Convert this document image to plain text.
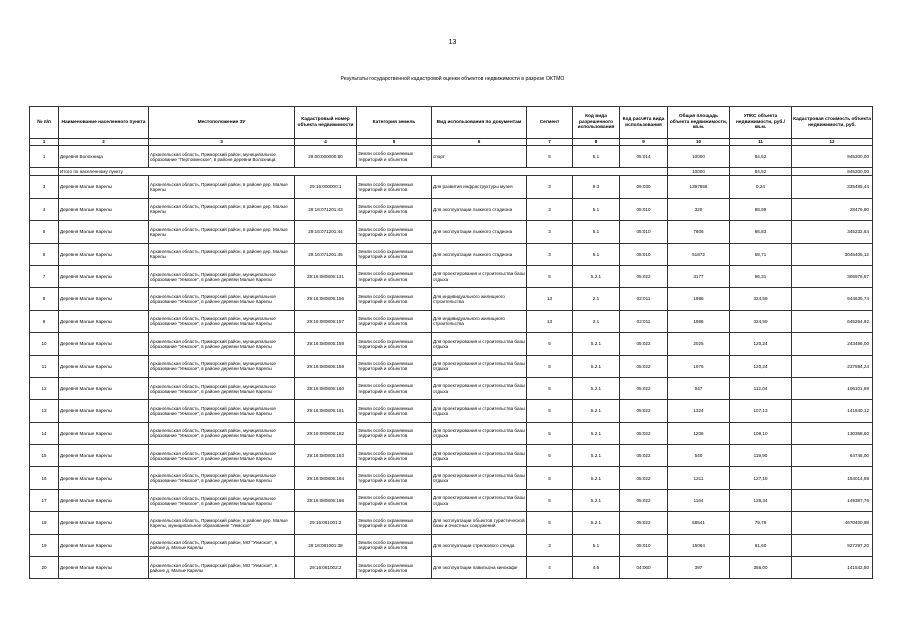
13
Результаты государственной кадастровой оценки объектов недвижимости в разрезе ОКТМО
№ п/п	Наименование населенного пункта	Местоположение ЗУ	Кадастровый номер объекта недвижимости	Категория земель	Вид использования по документам	Сегмент	Код вида разрешенного использования	Код расчёта вида использования	Общая площадь объекта недвижимости, кв.м.	УПКС объекта недвижимости, руб./кв.м.	Кадастровая стоимость объекта недвижимости, руб.
1	2	3	4	5	6	7	8	9	10	11	12
1	Деревня Волохница	Архангельская область, Приморский район, муниципальное образование "Пертоминское", в районе деревни Волохница	29:00:000000:80	Земли особо охраняемых территорий и объектов	спорт	5	5.1	05:014	10000	84,52	845200,00
	Итого по населенному пункту								10000	84,52	845200,00
3	Деревня Малые Карелы	Архангельская область, Приморский район, в районе дер. Малые Карелы	29:16:000000:1	Земли особо охраняемых территорий и объектов	Для развития инфраструктуры музея	3	9.3	09:030	1397856	0,24	335485,44
4	Деревня Малые Карелы	Архангельская область, Приморский район, в районе дер. Малые Карелы	29:16:071201:43	Земли особо охраняемых территорий и объектов	Для эксплуатации лыжного стадиона	3	5.1	05:010	320	88,99	28476,80
5	Деревня Малые Карелы	Архангельская область, Приморский район, в районе дер. Малые Карелы	29:16:071201:44	Земли особо охраняемых территорий и объектов	Для эксплуатации лыжного стадиона	3	5.1	05:010	7806	66,83	345232,64
6	Деревня Малые Карелы	Архангельская область, Приморский район, в районе дер. Малые Карелы	29:16:071201:45	Земли особо охраняемых территорий и объектов	Для эксплуатации лыжного стадиона	3	5.1	05:010	51872	58,71	3045405,12
7	Деревня Малые Карелы	Архангельская область, Приморский район, муниципальное образование "Уемское", в районе деревни Малые Карелы	29:16:080805:131	Земли особо охраняемых территорий и объектов	Для проектирования и строительства базы отдыха	5	5.2.1	05:022	3177	96,31	305976,87
8	Деревня Малые Карелы	Архангельская область, Приморский район, муниципальное образование "Уемское", в районе деревни Малые Карелы	29:16:080805:156	Земли особо охраняемых территорий и объектов	Для индивидуального жилищного строительства	13	2.1	02:011	1986	324,59	644635,74
9	Деревня Малые Карелы	Архангельская область, Приморский район, муниципальное образование "Уемское", в районе деревни Малые Карелы	29:16:080805:157	Земли особо охраняемых территорий и объектов	Для индивидуального жилищного строительства	13	2.1	02:011	1986	324,59	645264,92
10	Деревня Малые Карелы	Архангельская область, Приморский район, муниципальное образование "Уемское", в районе деревни Малые Карелы	29:16:080805:158	Земли особо охраняемых территорий и объектов	Для проектирования и строительства базы отдыха	5	5.2.1	05:022	2025	120,24	243486,00
11	Деревня Малые Карелы	Архангельская область, Приморский район, муниципальное образование "Уемское", в районе деревни Малые Карелы	29:16:080805:159	Земли особо охраняемых территорий и объектов	Для проектирования и строительства базы отдыха	5	5.2.1	05:022	1976	120,24	237594,24
12	Деревня Малые Карелы	Архангельская область, Приморский район, муниципальное образование "Уемское", в районе деревни Малые Карелы	29:16:080805:160	Земли особо охраняемых территорий и объектов	Для проектирования и строительства базы отдыха	5	5.2.1	05:022	947	112,04	106101,88
13	Деревня Малые Карелы	Архангельская область, Приморский район, муниципальное образование "Уемское", в районе деревни Малые Карелы	29:16:080805:161	Земли особо охраняемых территорий и объектов	Для проектирования и строительства базы отдыха	5	5.2.1	05:022	1324	107,13	141840,12
14	Деревня Малые Карелы	Архангельская область, Приморский район, муниципальное образование "Уемское", в районе деревни Малые Карелы	29:16:080805:162	Земли особо охраняемых территорий и объектов	Для проектирования и строительства базы отдыха	5	5.2.1	05:022	1206	108,10	130368,60
15	Деревня Малые Карелы	Архангельская область, Приморский район, муниципальное образование "Уемское", в районе деревни Малые Карелы	29:16:080805:163	Земли особо охраняемых территорий и объектов	Для проектирования и строительства базы отдыха	5	5.2.1	05:022	540	119,90	64746,00
16	Деревня Малые Карелы	Архангельская область, Приморский район, муниципальное образование "Уемское", в районе деревни Малые Карелы	29:16:080805:164	Земли особо охраняемых территорий и объектов	Для проектирования и строительства базы отдыха	5	5.2.1	05:022	1211	127,18	154014,98
17	Деревня Малые Карелы	Архангельская область, Приморский район, муниципальное образование "Уемское", в районе деревни Малые Карелы	29:16:080805:166	Земли особо охраняемых территорий и объектов	Для проектирования и строительства базы отдыха	5	5.2.1	05:022	1164	128,34	149387,76
18	Деревня Малые Карелы	Архангельская область, Приморский район, в районе дер. Малые Карелы, муниципальное образование "Уемское"	29:16:081001:2	Земли особо охраняемых территорий и объектов	Для эксплуатации объектов туристической базы и очистных сооружений	5	5.2.1	05:022	58541	79,76	4670400,98
19	Деревня Малые Карелы	Архангельская область, Приморский район, МО "Уемское", в районе д. Малые Карелы	29:16:081001:38	Земли особо охраняемых территорий и объектов	Для эксплуатации стрелкового стенда	3	5.1	05:010	15064	61,60	927297,20
20	Деревня Малые Карелы	Архангельская область, Приморский район, МО "Уемское", в районе д. Малые Карелы	29:16:081002:2	Земли особо охраняемых территорий и объектов	Для эксплуатации павильона кинокафе	4	4.6	04:060	397	356,00	141542,50
